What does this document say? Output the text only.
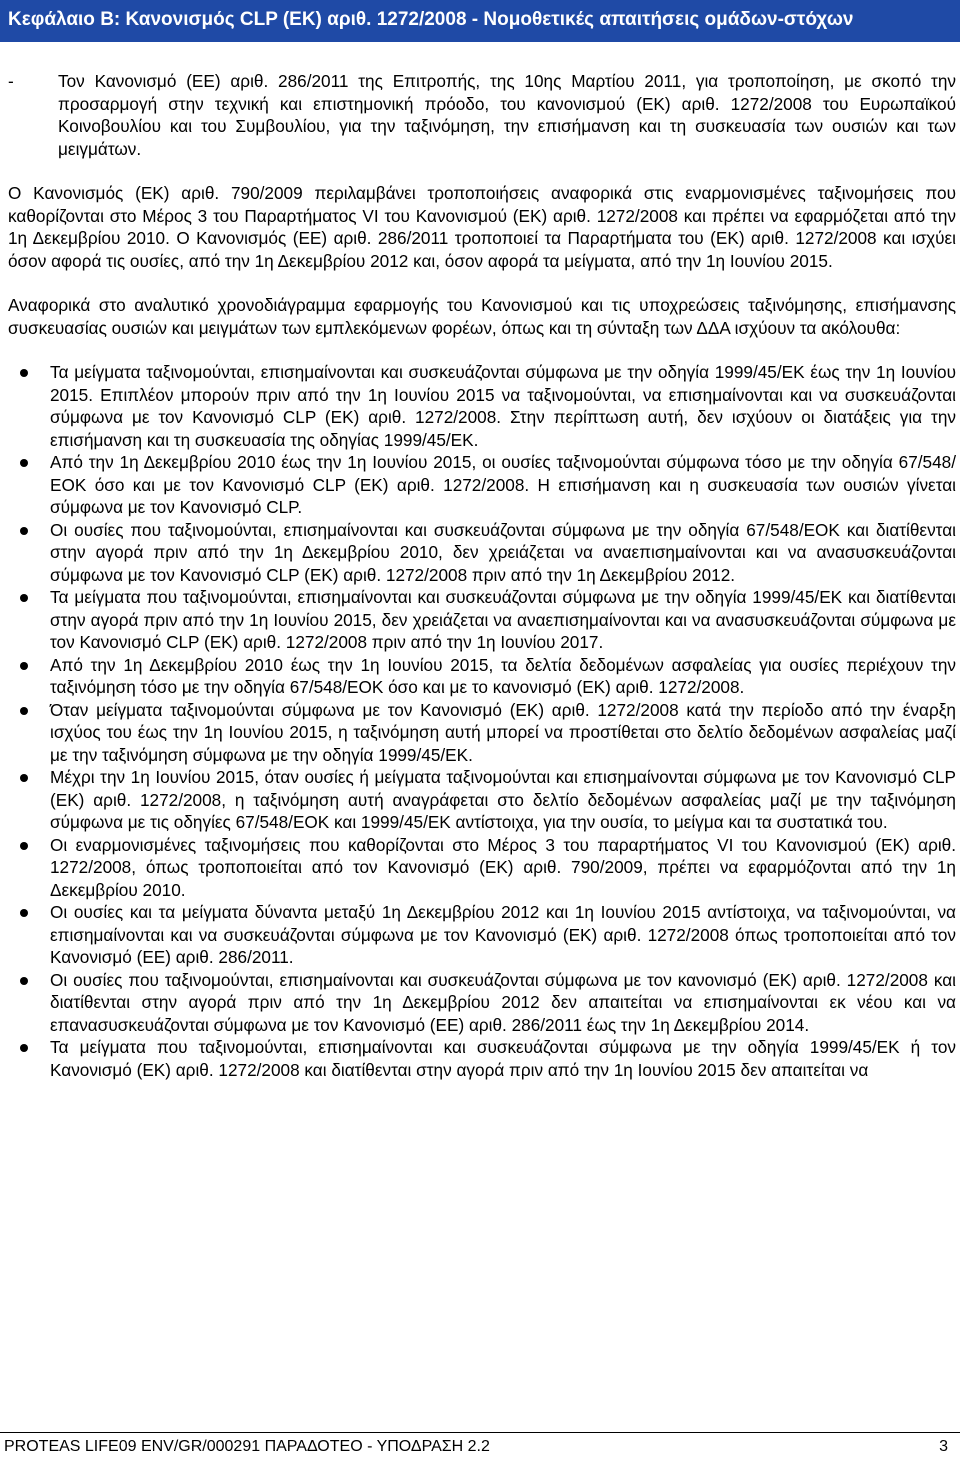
Κεφάλαιο Β: Κανονισμός CLP (ΕΚ) αριθ. 1272/2008 - Νομοθετικές απαιτήσεις ομάδων-στόχων
-	Τον Κανονισμό (ΕΕ) αριθ. 286/2011 της Επιτροπής, της 10ης Μαρτίου 2011, για τροποποίηση, με σκοπό την προσαρμογή στην τεχνική και επιστημονική πρόοδο, του κανονισμού (ΕΚ) αριθ. 1272/2008 του Ευρωπαϊκού Κοινοβουλίου και του Συμβουλίου, για την ταξινόμηση, την επισήμανση και τη συσκευασία των ουσιών και των μειγμάτων.

Ο Κανονισμός (ΕΚ) αριθ. 790/2009 περιλαμβάνει τροποποιήσεις αναφορικά στις εναρμονισμένες ταξινομήσεις που καθορίζονται στο Μέρος 3 του Παραρτήματος VI του Κανονισμού (ΕΚ) αριθ. 1272/2008 και πρέπει να εφαρμόζεται από την 1η Δεκεμβρίου 2010. Ο Κανονισμός (ΕΕ) αριθ. 286/2011 τροποποιεί τα Παραρτήματα του (ΕΚ) αριθ. 1272/2008 και ισχύει όσον αφορά τις ουσίες, από την 1η Δεκεμβρίου 2012 και, όσον αφορά τα μείγματα, από την 1η Ιουνίου 2015.

Αναφορικά στο αναλυτικό χρονοδιάγραμμα εφαρμογής του Κανονισμού και τις υποχρεώσεις ταξινόμησης, επισήμανσης συσκευασίας ουσιών και μειγμάτων των εμπλεκόμενων φορέων, όπως και τη σύνταξη των ΔΔΑ ισχύουν τα ακόλουθα:

Τα μείγματα ταξινομούνται, επισημαίνονται και συσκευάζονται σύμφωνα με την οδηγία 1999/45/ΕΚ έως την 1η Ιουνίου 2015. Επιπλέον μπορούν πριν από την 1η Ιουνίου 2015 να ταξινομούνται, να επισημαίνονται και να συσκευάζονται σύμφωνα με τον Κανονισμό CLP (ΕΚ) αριθ. 1272/2008. Στην περίπτωση αυτή, δεν ισχύουν οι διατάξεις για την επισήμανση και τη συσκευασία της οδηγίας 1999/45/ΕΚ.
Από την 1η Δεκεμβρίου 2010 έως την 1η Ιουνίου 2015, οι ουσίες ταξινομούνται σύμφωνα τόσο με την οδηγία 67/548/ΕΟΚ όσο και με τον Κανονισμό CLP (ΕΚ) αριθ. 1272/2008. Η επισήμανση και η συσκευασία των ουσιών γίνεται σύμφωνα με τον Κανονισμό CLP.
Οι ουσίες που ταξινομούνται, επισημαίνονται και συσκευάζονται σύμφωνα με την οδηγία 67/548/ΕΟΚ και διατίθενται στην αγορά πριν από την 1η Δεκεμβρίου 2010, δεν χρειάζεται να αναεπισημαίνονται και να ανασυσκευάζονται σύμφωνα με τον Κανονισμό CLP (ΕΚ) αριθ. 1272/2008 πριν από την 1η Δεκεμβρίου 2012.
Τα μείγματα που ταξινομούνται, επισημαίνονται και συσκευάζονται σύμφωνα με την οδηγία 1999/45/ΕΚ και διατίθενται στην αγορά πριν από την 1η Ιουνίου 2015, δεν χρειάζεται να αναεπισημαίνονται και να ανασυσκευάζονται σύμφωνα με τον Κανονισμό CLP (ΕΚ) αριθ. 1272/2008 πριν από την 1η Ιουνίου 2017.
Από την 1η Δεκεμβρίου 2010 έως την 1η Ιουνίου 2015, τα δελτία δεδομένων ασφαλείας για ουσίες περιέχουν την ταξινόμηση τόσο με την οδηγία 67/548/ΕΟΚ όσο και με το κανονισμό (ΕΚ) αριθ. 1272/2008.
Όταν μείγματα ταξινομούνται σύμφωνα με τον Κανονισμό (ΕΚ) αριθ. 1272/2008 κατά την περίοδο από την έναρξη ισχύος του έως την 1η Ιουνίου 2015, η ταξινόμηση αυτή μπορεί να προστίθεται στο δελτίο δεδομένων ασφαλείας μαζί με την ταξινόμηση σύμφωνα με την οδηγία 1999/45/ΕΚ.
Μέχρι την 1η Ιουνίου 2015, όταν ουσίες ή μείγματα ταξινομούνται και επισημαίνονται σύμφωνα με τον Κανονισμό CLP (ΕΚ) αριθ. 1272/2008, η ταξινόμηση αυτή αναγράφεται στο δελτίο δεδομένων ασφαλείας μαζί με την ταξινόμηση σύμφωνα με τις οδηγίες 67/548/ΕΟΚ και 1999/45/ΕΚ αντίστοιχα, για την ουσία, το μείγμα και τα συστατικά του.
Οι εναρμονισμένες ταξινομήσεις που καθορίζονται στο Μέρος 3 του παραρτήματος VI του Κανονισμού (ΕΚ) αριθ. 1272/2008, όπως τροποποιείται από τον Κανονισμό (ΕΚ) αριθ. 790/2009, πρέπει να εφαρμόζονται από την 1η Δεκεμβρίου 2010.
Οι ουσίες και τα μείγματα δύναντα μεταξύ 1η Δεκεμβρίου 2012 και 1η Ιουνίου 2015 αντίστοιχα, να ταξινομούνται, να επισημαίνονται και να συσκευάζονται σύμφωνα με τον Κανονισμό (ΕΚ) αριθ. 1272/2008 όπως τροποποιείται από τον Κανονισμό (ΕΕ) αριθ. 286/2011.
Οι ουσίες που ταξινομούνται, επισημαίνονται και συσκευάζονται σύμφωνα με τον κανονισμό (ΕΚ) αριθ. 1272/2008 και διατίθενται στην αγορά πριν από την 1η Δεκεμβρίου 2012 δεν απαιτείται να επισημαίνονται εκ νέου και να επανασυσκευάζονται σύμφωνα με τον Κανονισμό (ΕΕ) αριθ. 286/2011 έως την 1η Δεκεμβρίου 2014.
Τα μείγματα που ταξινομούνται, επισημαίνονται και συσκευάζονται σύμφωνα με την οδηγία 1999/45/ΕΚ ή τον Κανονισμό (ΕΚ) αριθ. 1272/2008 και διατίθενται στην αγορά πριν από την 1η Ιουνίου 2015 δεν απαιτείται να
PROTEAS LIFE09 ENV/GR/000291 ΠΑΡΑΔΟΤΕΟ - ΥΠΟΔΡΑΣΗ 2.2	3
